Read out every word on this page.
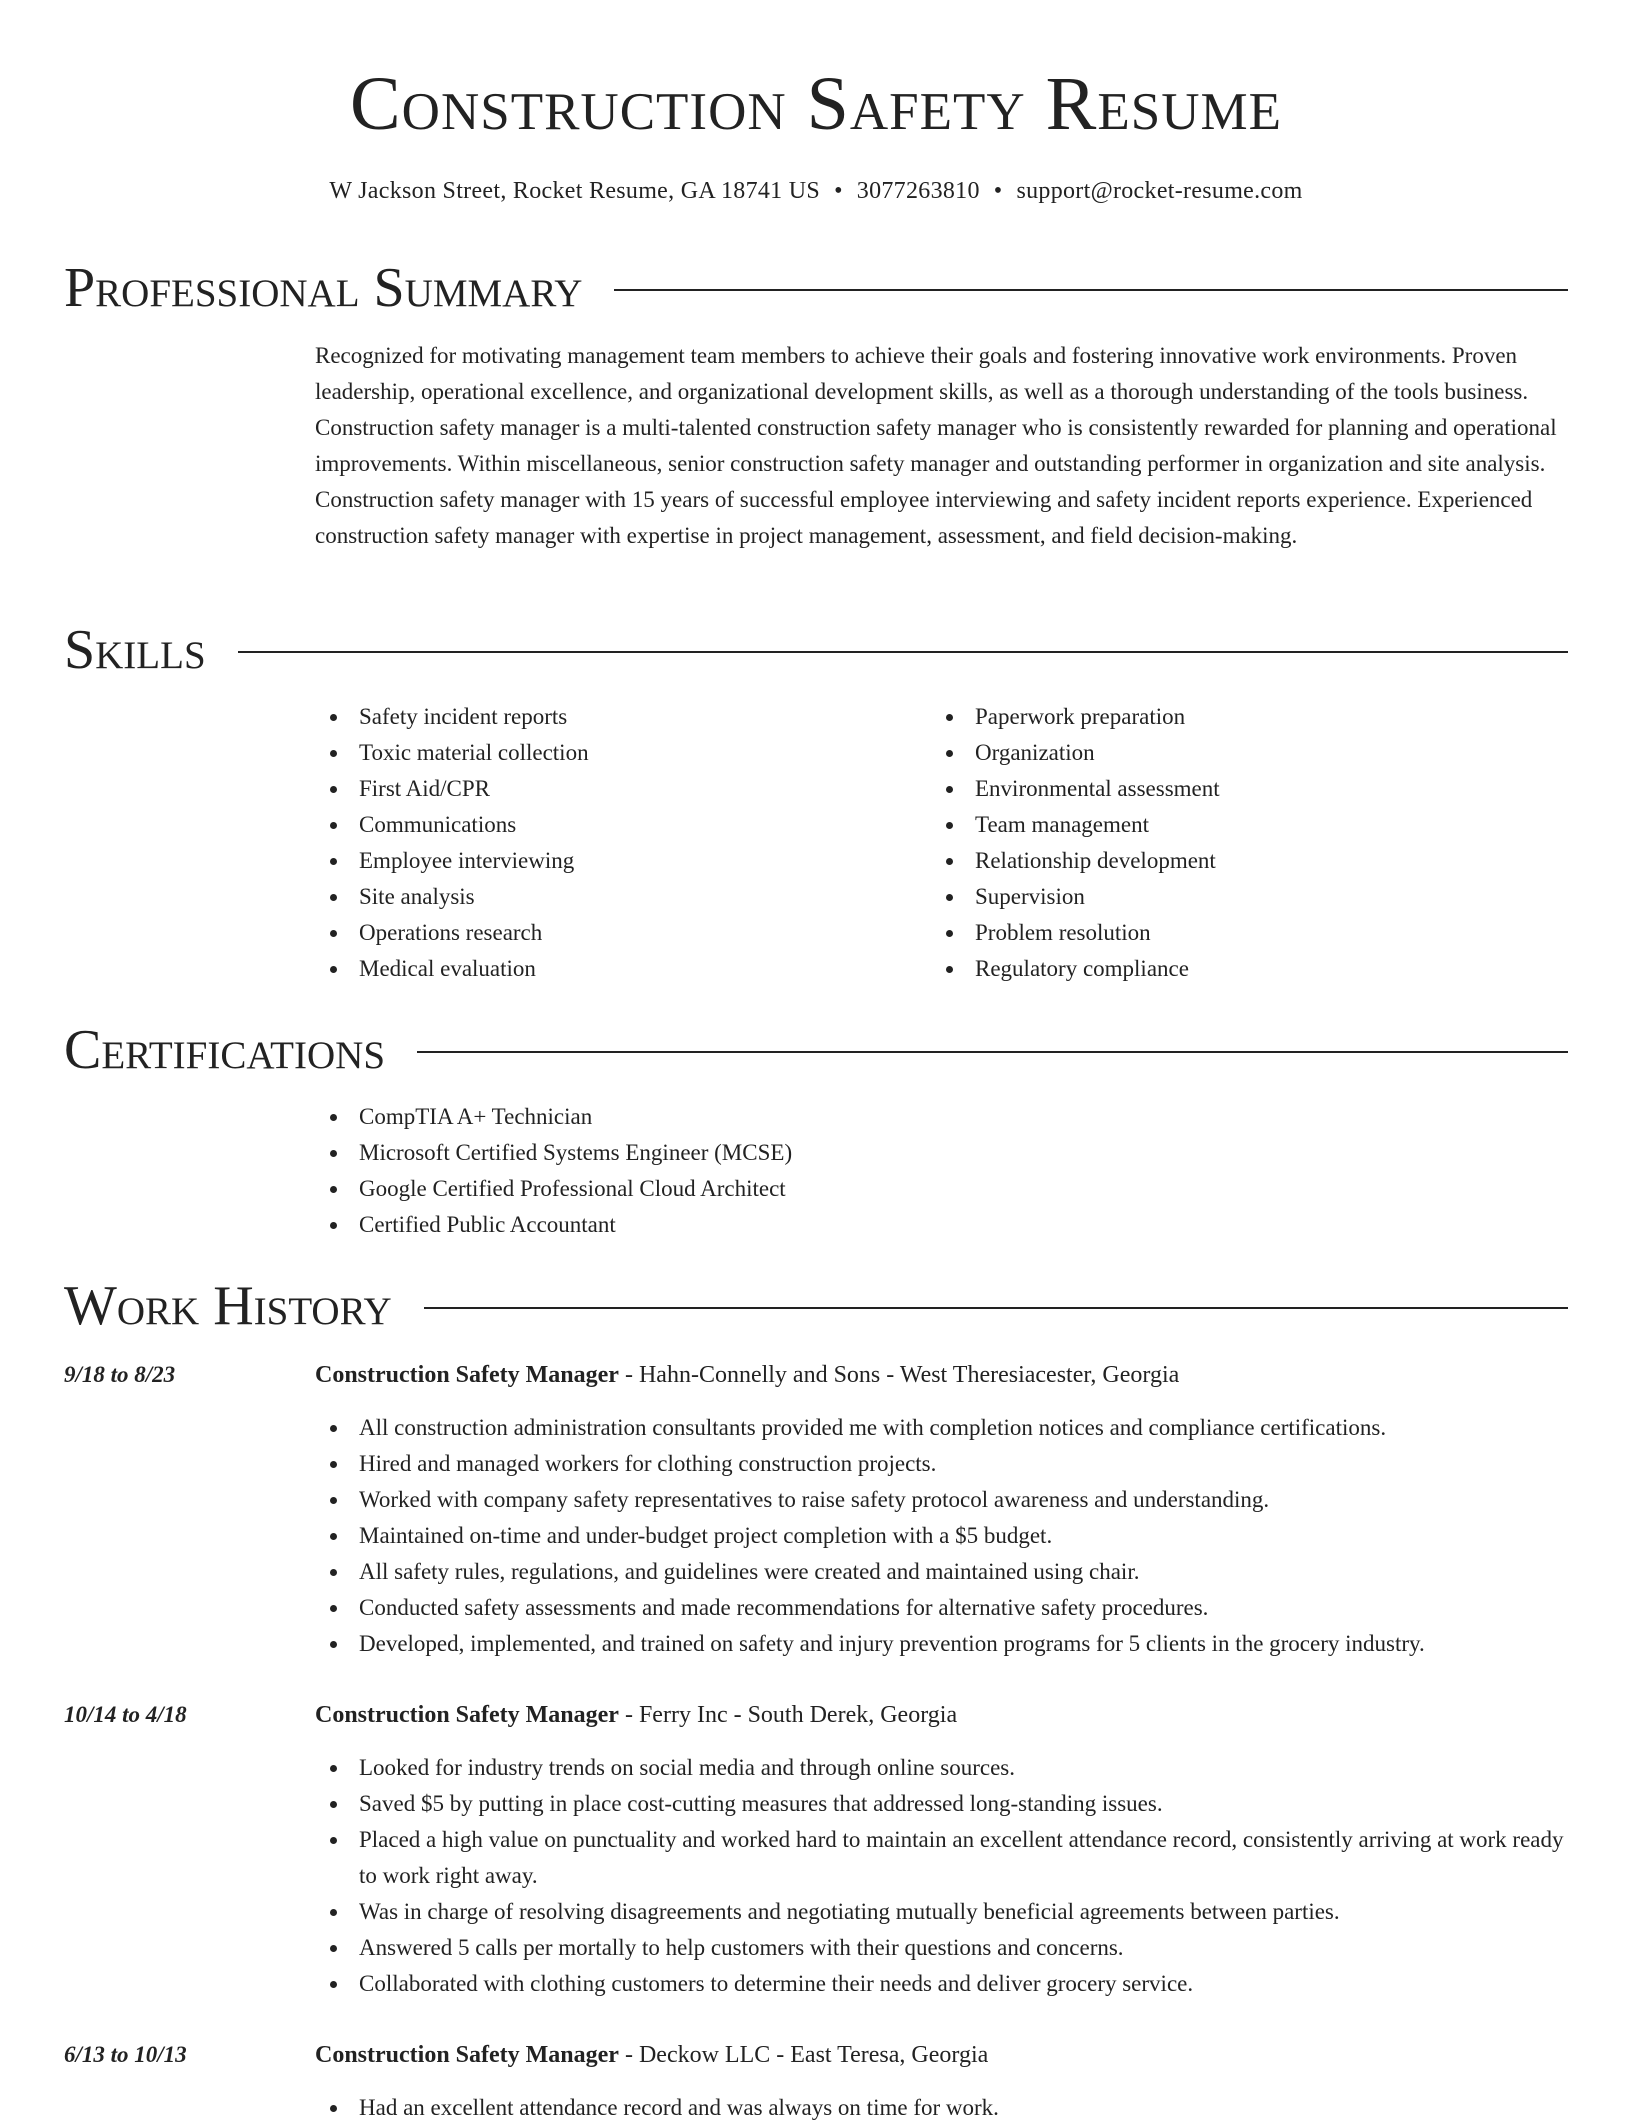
Construction Safety Resume
W Jackson Street, Rocket Resume, GA 18741 US • 3077263810 • support@rocket-resume.com
Professional Summary
Recognized for motivating management team members to achieve their goals and fostering innovative work environments. Proven leadership, operational excellence, and organizational development skills, as well as a thorough understanding of the tools business. Construction safety manager is a multi-talented construction safety manager who is consistently rewarded for planning and operational improvements. Within miscellaneous, senior construction safety manager and outstanding performer in organization and site analysis. Construction safety manager with 15 years of successful employee interviewing and safety incident reports experience. Experienced construction safety manager with expertise in project management, assessment, and field decision-making.
Skills
Safety incident reports
Toxic material collection
First Aid/CPR
Communications
Employee interviewing
Site analysis
Operations research
Medical evaluation
Paperwork preparation
Organization
Environmental assessment
Team management
Relationship development
Supervision
Problem resolution
Regulatory compliance
Certifications
CompTIA A+ Technician
Microsoft Certified Systems Engineer (MCSE)
Google Certified Professional Cloud Architect
Certified Public Accountant
Work History
9/18 to 8/23	Construction Safety Manager - Hahn-Connelly and Sons - West Theresiacester, Georgia
All construction administration consultants provided me with completion notices and compliance certifications.
Hired and managed workers for clothing construction projects.
Worked with company safety representatives to raise safety protocol awareness and understanding.
Maintained on-time and under-budget project completion with a $5 budget.
All safety rules, regulations, and guidelines were created and maintained using chair.
Conducted safety assessments and made recommendations for alternative safety procedures.
Developed, implemented, and trained on safety and injury prevention programs for 5 clients in the grocery industry.
10/14 to 4/18	Construction Safety Manager - Ferry Inc - South Derek, Georgia
Looked for industry trends on social media and through online sources.
Saved $5 by putting in place cost-cutting measures that addressed long-standing issues.
Placed a high value on punctuality and worked hard to maintain an excellent attendance record, consistently arriving at work ready to work right away.
Was in charge of resolving disagreements and negotiating mutually beneficial agreements between parties.
Answered 5 calls per mortally to help customers with their questions and concerns.
Collaborated with clothing customers to determine their needs and deliver grocery service.
6/13 to 10/13	Construction Safety Manager - Deckow LLC - East Teresa, Georgia
Had an excellent attendance record and was always on time for work.
